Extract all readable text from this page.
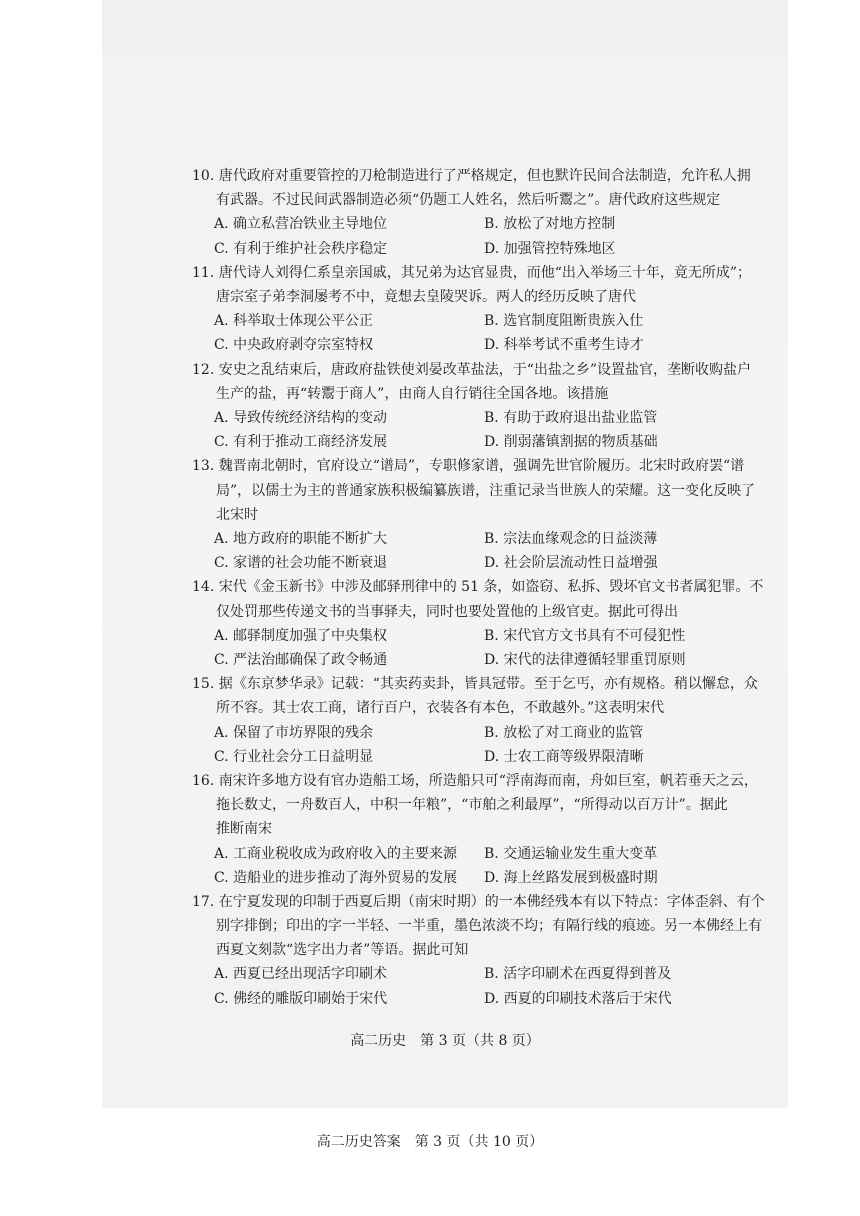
10. 唐代政府对重要管控的刀枪制造进行了严格规定，但也默许民间合法制造，允许私人拥
有武器。不过民间武器制造必须“仍题工人姓名，然后听鬻之”。唐代政府这些规定
A. 确立私营冶铁业主导地位	B. 放松了对地方控制
C. 有利于维护社会秩序稳定	D. 加强管控特殊地区
11. 唐代诗人刘得仁系皇亲国戚，其兄弟为达官显贵，而他“出入举场三十年，竟无所成”；
唐宗室子弟李洞屡考不中，竟想去皇陵哭诉。两人的经历反映了唐代
A. 科举取士体现公平公正	B. 选官制度阻断贵族入仕
C. 中央政府剥夺宗室特权	D. 科举考试不重考生诗才
12. 安史之乱结束后，唐政府盐铁使刘晏改革盐法，于“出盐之乡”设置盐官，垄断收购盐户
生产的盐，再“转鬻于商人”，由商人自行销往全国各地。该措施
A. 导致传统经济结构的变动	B. 有助于政府退出盐业监管
C. 有利于推动工商经济发展	D. 削弱藩镇割据的物质基础
13. 魏晋南北朝时，官府设立“谱局”，专职修家谱，强调先世官阶履历。北宋时政府罢“谱
局”，以儒士为主的普通家族积极编纂族谱，注重记录当世族人的荣耀。这一变化反映了
北宋时
A. 地方政府的职能不断扩大	B. 宗法血缘观念的日益淡薄
C. 家谱的社会功能不断衰退	D. 社会阶层流动性日益增强
14. 宋代《金玉新书》中涉及邮驿刑律中的 51 条，如盗窃、私拆、毁坏官文书者属犯罪。不
仅处罚那些传递文书的当事驿夫，同时也要处置他的上级官吏。据此可得出
A. 邮驿制度加强了中央集权	B. 宋代官方文书具有不可侵犯性
C. 严法治邮确保了政令畅通	D. 宋代的法律遵循轻罪重罚原则
15. 据《东京梦华录》记载：“其卖药卖卦，皆具冠带。至于乞丐，亦有规格。稍以懈怠，众
所不容。其士农工商，诸行百户，衣装各有本色，不敢越外。”这表明宋代
A. 保留了市坊界限的残余	B. 放松了对工商业的监管
C. 行业社会分工日益明显	D. 士农工商等级界限清晰
16. 南宋许多地方设有官办造船工场，所造船只可“浮南海而南，舟如巨室，帆若垂天之云，
拖长数丈，一舟数百人，中积一年粮”，“市舶之利最厚”，“所得动以百万计”。据此
推断南宋
A. 工商业税收成为政府收入的主要来源	B. 交通运输业发生重大变革
C. 造船业的进步推动了海外贸易的发展	D. 海上丝路发展到极盛时期
17. 在宁夏发现的印制于西夏后期（南宋时期）的一本佛经残本有以下特点：字体歪斜、有个
别字排倒；印出的字一半轻、一半重，墨色浓淡不均；有隔行线的痕迹。另一本佛经上有
西夏文刻款“选字出力者”等语。据此可知
A. 西夏已经出现活字印刷术	B. 活字印刷术在西夏得到普及
C. 佛经的雕版印刷始于宋代	D. 西夏的印刷技术落后于宋代
高二历史　第 3 页（共 8 页）
高二历史答案　第 3 页（共 10 页）
